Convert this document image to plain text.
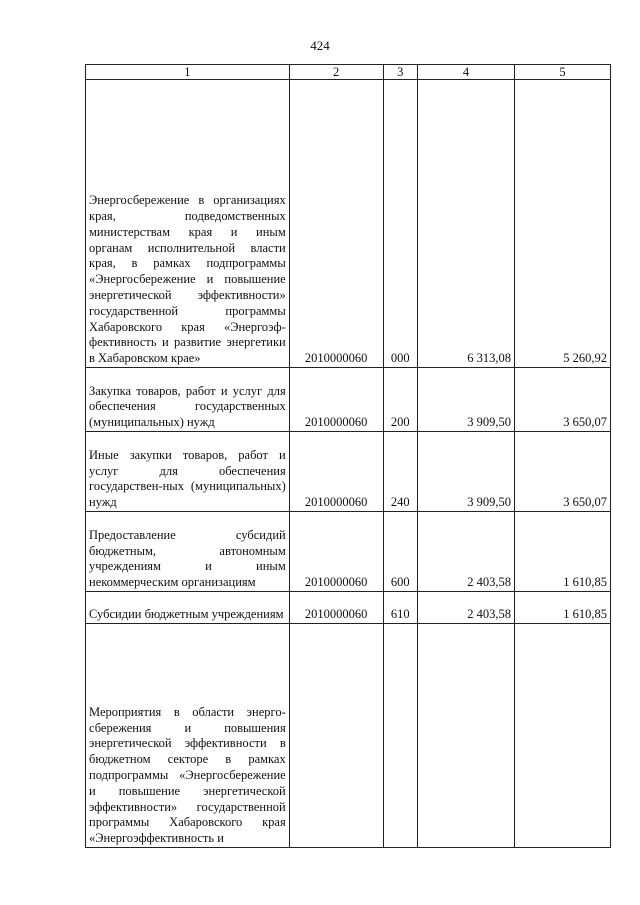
424
1	2	3	4	5
Энергосбережение в организациях края, подведомственных министерствам края и иным органам исполнительной власти края, в рамках подпрограммы «Энергосбережение и повышение энергетической эффективности» государственной программы Хабаровского края «Энергоэф-фективность и развитие энергетики в Хабаровском крае»	2010000060	000	6 313,08	5 260,92
Закупка товаров, работ и услуг для обеспечения государственных (муниципальных) нужд	2010000060	200	3 909,50	3 650,07
Иные закупки товаров, работ и услуг для обеспечения государствен-ных (муниципальных) нужд	2010000060	240	3 909,50	3 650,07
Предоставление субсидий бюджетным, автономным учреждениям и иным некоммерческим организациям	2010000060	600	2 403,58	1 610,85
Субсидии бюджетным учреждениям	2010000060	610	2 403,58	1 610,85
Мероприятия в области энерго-сбережения и повышения энергетической эффективности в бюджетном секторе в рамках подпрограммы «Энергосбережение и повышение энергетической эффективности» государственной программы Хабаровского края «Энергоэффективность и				
